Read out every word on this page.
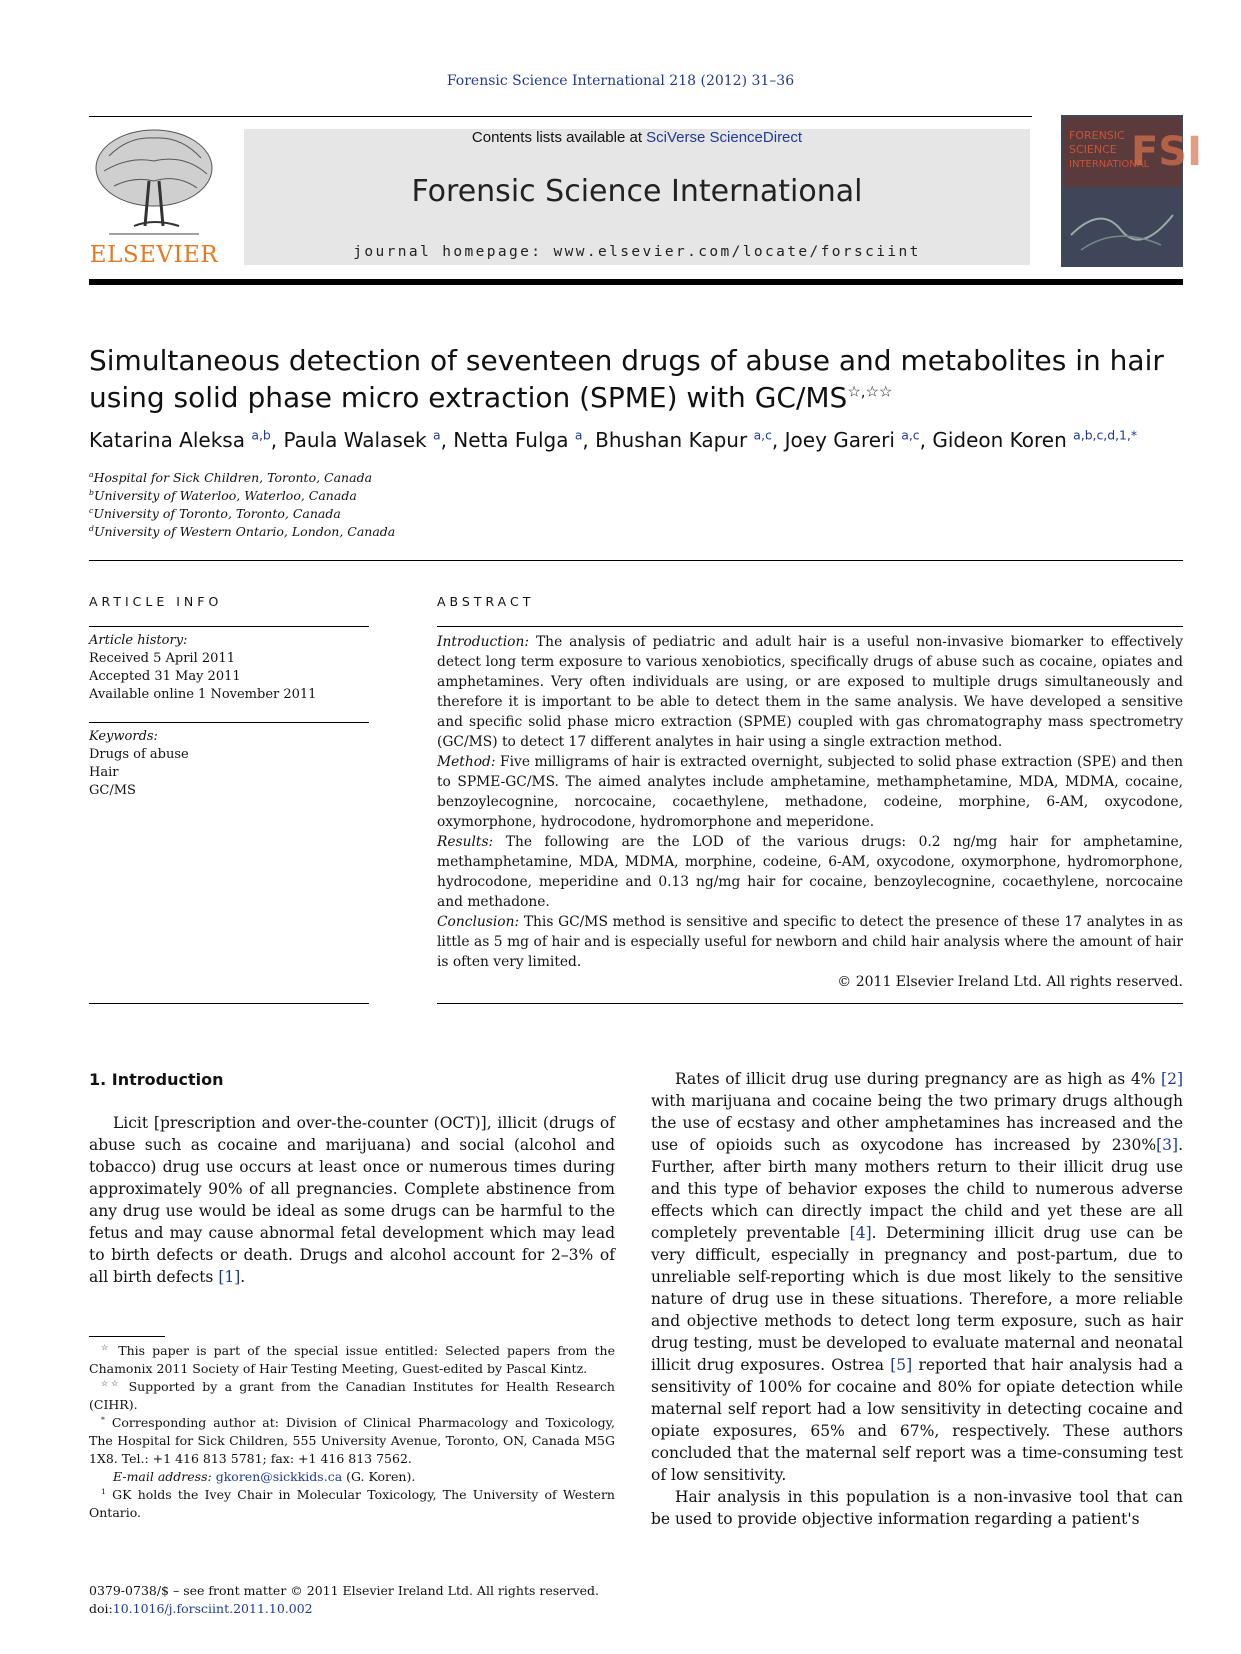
Forensic Science International 218 (2012) 31–36
ELSEVIER
Contents lists available at SciVerse ScienceDirect
Forensic Science International
journal homepage: www.elsevier.com/locate/forsciint
FORENSIC
SCIENCE
INTERNATIONAL
FSI
Simultaneous detection of seventeen drugs of abuse and metabolites in hair using solid phase micro extraction (SPME) with GC/MS☆,☆☆
Katarina Aleksa $^{a,b}$, Paula Walasek $^a$, Netta Fulga $^a$, Bhushan Kapur $^{a,c}$, Joey Gareri $^{a,c}$, Gideon Koren $^{a,b,c,d,1,*}$
$^a$Hospital for Sick Children, Toronto, Canada
$^b$University of Waterloo, Waterloo, Canada
$^c$University of Toronto, Toronto, Canada
$^d$University of Western Ontario, London, Canada
ARTICLE INFO
Article history:
Received 5 April 2011
Accepted 31 May 2011
Available online 1 November 2011
Keywords:
Drugs of abuse
Hair
GC/MS
ABSTRACT

Introduction: The analysis of pediatric and adult hair is a useful non-invasive biomarker to effectively detect long term exposure to various xenobiotics, specifically drugs of abuse such as cocaine, opiates and amphetamines. Very often individuals are using, or are exposed to multiple drugs simultaneously and therefore it is important to be able to detect them in the same analysis. We have developed a sensitive and specific solid phase micro extraction (SPME) coupled with gas chromatography mass spectrometry (GC/MS) to detect 17 different analytes in hair using a single extraction method.

Method: Five milligrams of hair is extracted overnight, subjected to solid phase extraction (SPE) and then to SPME-GC/MS. The aimed analytes include amphetamine, methamphetamine, MDA, MDMA, cocaine, benzoylecognine, norcocaine, cocaethylene, methadone, codeine, morphine, 6-AM, oxycodone, oxymorphone, hydrocodone, hydromorphone and meperidone.

Results: The following are the LOD of the various drugs: 0.2 ng/mg hair for amphetamine, methamphetamine, MDA, MDMA, morphine, codeine, 6-AM, oxycodone, oxymorphone, hydromorphone, hydrocodone, meperidine and 0.13 ng/mg hair for cocaine, benzoylecognine, cocaethylene, norcocaine and methadone.

Conclusion: This GC/MS method is sensitive and specific to detect the presence of these 17 analytes in as little as 5 mg of hair and is especially useful for newborn and child hair analysis where the amount of hair is often very limited.

© 2011 Elsevier Ireland Ltd. All rights reserved.
1. Introduction

Licit [prescription and over-the-counter (OCT)], illicit (drugs of abuse such as cocaine and marijuana) and social (alcohol and tobacco) drug use occurs at least once or numerous times during approximately 90% of all pregnancies. Complete abstinence from any drug use would be ideal as some drugs can be harmful to the fetus and may cause abnormal fetal development which may lead to birth defects or death. Drugs and alcohol account for 2–3% of all birth defects [1].

Rates of illicit drug use during pregnancy are as high as 4% [2] with marijuana and cocaine being the two primary drugs although the use of ecstasy and other amphetamines has increased and the use of opioids such as oxycodone has increased by 230%[3]. Further, after birth many mothers return to their illicit drug use and this type of behavior exposes the child to numerous adverse effects which can directly impact the child and yet these are all completely preventable [4]. Determining illicit drug use can be very difficult, especially in pregnancy and post-partum, due to unreliable self-reporting which is due most likely to the sensitive nature of drug use in these situations. Therefore, a more reliable and objective methods to detect long term exposure, such as hair drug testing, must be developed to evaluate maternal and neonatal illicit drug exposures. Ostrea [5] reported that hair analysis had a sensitivity of 100% for cocaine and 80% for opiate detection while maternal self report had a low sensitivity in detecting cocaine and opiate exposures, 65% and 67%, respectively. These authors concluded that the maternal self report was a time-consuming test of low sensitivity.

Hair analysis in this population is a non-invasive tool that can be used to provide objective information regarding a patient's

☆ This paper is part of the special issue entitled: Selected papers from the Chamonix 2011 Society of Hair Testing Meeting, Guest-edited by Pascal Kintz.

☆☆ Supported by a grant from the Canadian Institutes for Health Research (CIHR).

* Corresponding author at: Division of Clinical Pharmacology and Toxicology, The Hospital for Sick Children, 555 University Avenue, Toronto, ON, Canada M5G 1X8. Tel.: +1 416 813 5781; fax: +1 416 813 7562.

E-mail address: gkoren@sickkids.ca (G. Koren).

$^1$ GK holds the Ivey Chair in Molecular Toxicology, The University of Western Ontario.

0379-0738/$ – see front matter © 2011 Elsevier Ireland Ltd. All rights reserved.
doi:10.1016/j.forsciint.2011.10.002
